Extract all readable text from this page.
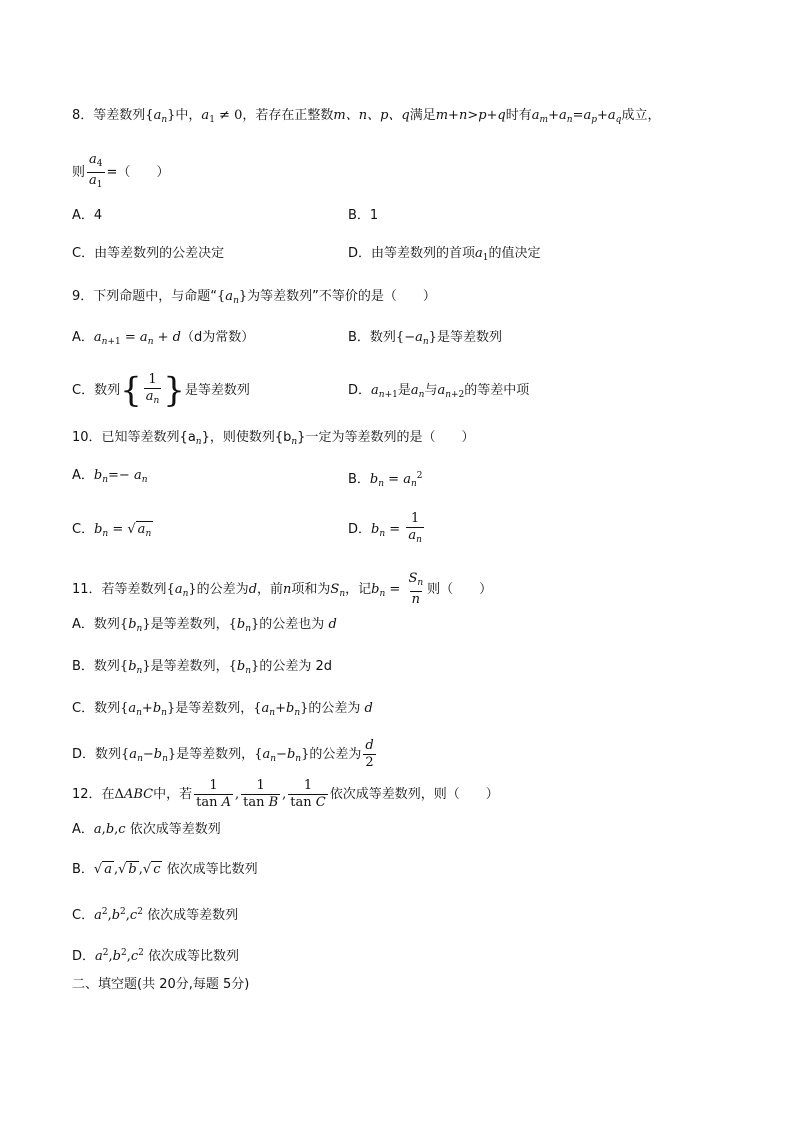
8．等差数列$\{a_n\}$中，$a_1 \ne 0$，若存在正整数m、n、p、q满足m+n>p+q时有$a_m+a_n=a_p+a_q$成立，
则 $\frac{a_4}{a_1}$ =（　　）
A．4	B．1
C．由等差数列的公差决定	D．由等差数列的首项$a_1$的值决定
9．下列命题中，与命题“$\{a_n\}$为等差数列”不等价的是（　　）
A．$a_{n+1} = a_n + d(d$为常数）	B．数列$\{-a_n\}$是等差数列
C．数列{ $\frac{1}{a_n}$ }是等差数列	D．$a_{n+1}$是$a_n$与$a_{n+2}$的等差中项
10．已知等差数列$\{a_n\}$，则使数列$\{b_n\}$一定为等差数列的是（　　）
A．$b_n=- a_n$	B．$b_n = a_n^2$
C．$b_n$ = √ $a_n$	D．$b_n = \frac{1}{a_n}$
11．若等差数列$\{a_n\}$的公差为d，前n项和为$S_n$，记$b_n = \frac{S_n}{n}$ 则（　　）
A．数列$\{b_n\}$是等差数列，$\{b_n\}$的公差也为 d
B．数列$\{b_n\}$是等差数列，$\{b_n\}$的公差为 2d
C．数列$\{a_n+b_n\}$是等差数列，$\{a_n+b_n\}$的公差为 d
D．数列$\{a_n-b_n\}$是等差数列，$\{a_n-b_n\}$的公差为 $\frac{d}{2}$
12．在ΔABC中，若 $\frac{1}{\text{tan A}}$ , $\frac{1}{\text{tan B}}$ , $\frac{1}{\text{tan C}}$ 依次成等差数列，则（　　）
A．a,b,c 依次成等差数列
B．√ a ,√ b ,√ c 依次成等比数列
C．$a^2,b^2,c^2$ 依次成等差数列
D．$a^2,b^2,c^2$ 依次成等比数列
二、填空题(共 20分,每题 5分)
